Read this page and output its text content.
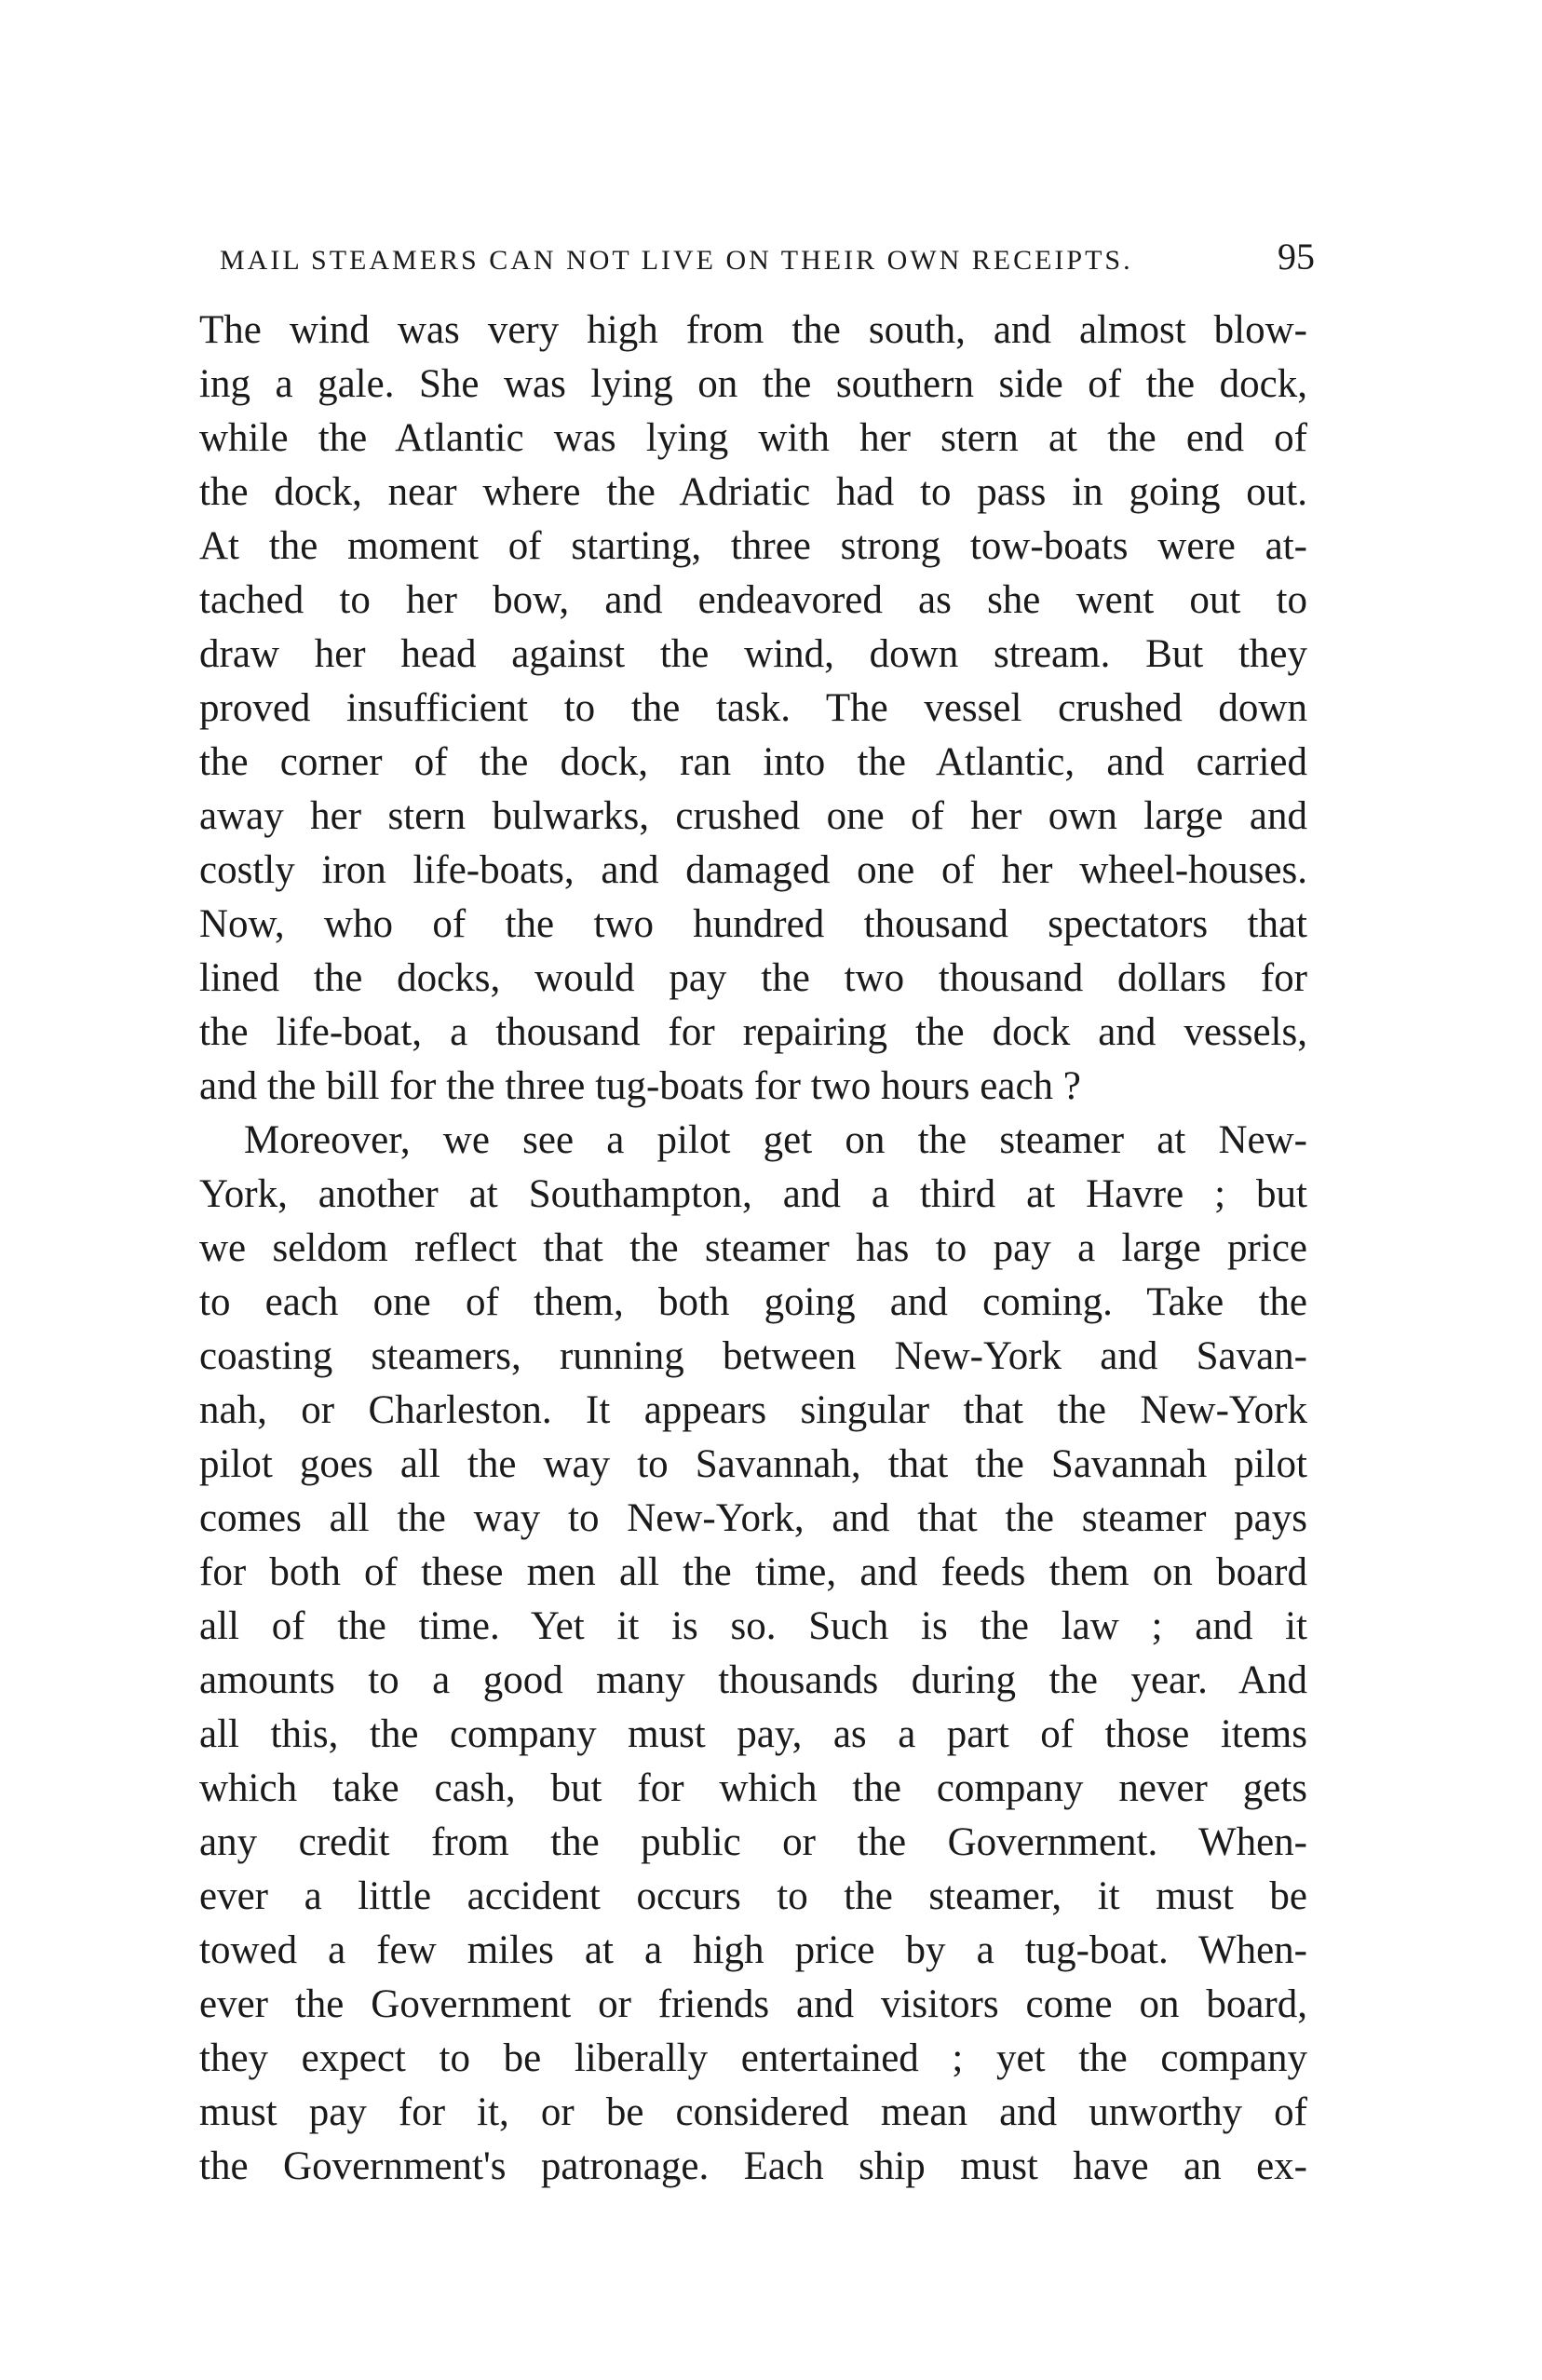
MAIL STEAMERS CAN NOT LIVE ON THEIR OWN RECEIPTS.	95
The wind was very high from the south, and almost blow-
ing a gale. She was lying on the southern side of the dock,
while the Atlantic was lying with her stern at the end of
the dock, near where the Adriatic had to pass in going out.
At the moment of starting, three strong tow-boats were at-
tached to her bow, and endeavored as she went out to
draw her head against the wind, down stream. But they
proved insufficient to the task. The vessel crushed down
the corner of the dock, ran into the Atlantic, and carried
away her stern bulwarks, crushed one of her own large and
costly iron life-boats, and damaged one of her wheel-houses.
Now, who of the two hundred thousand spectators that
lined the docks, would pay the two thousand dollars for
the life-boat, a thousand for repairing the dock and vessels,
and the bill for the three tug-boats for two hours each ?
Moreover, we see a pilot get on the steamer at New-
York, another at Southampton, and a third at Havre ; but
we seldom reflect that the steamer has to pay a large price
to each one of them, both going and coming. Take the
coasting steamers, running between New-York and Savan-
nah, or Charleston. It appears singular that the New-York
pilot goes all the way to Savannah, that the Savannah pilot
comes all the way to New-York, and that the steamer pays
for both of these men all the time, and feeds them on board
all of the time. Yet it is so. Such is the law ; and it
amounts to a good many thousands during the year. And
all this, the company must pay, as a part of those items
which take cash, but for which the company never gets
any credit from the public or the Government. When-
ever a little accident occurs to the steamer, it must be
towed a few miles at a high price by a tug-boat. When-
ever the Government or friends and visitors come on board,
they expect to be liberally entertained ; yet the company
must pay for it, or be considered mean and unworthy of
the Government's patronage. Each ship must have an ex-
